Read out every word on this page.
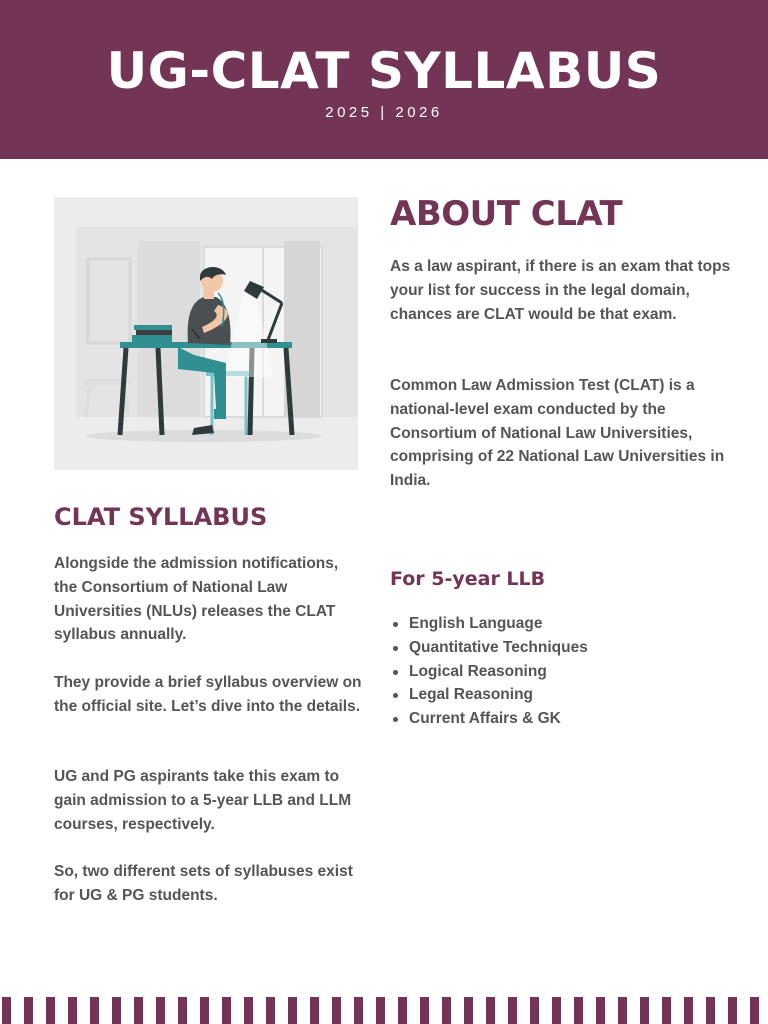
UG-CLAT SYLLABUS
2025 | 2026
ABOUT CLAT

As a law aspirant, if there is an exam that tops your list for success in the legal domain, chances are CLAT would be that exam.

Common Law Admission Test (CLAT) is a national-level exam conducted by the Consortium of National Law Universities, comprising of 22 National Law Universities in India.

CLAT SYLLABUS

Alongside the admission notifications, the Consortium of National Law Universities (NLUs) releases the CLAT syllabus annually.

They provide a brief syllabus overview on the official site. Let’s dive into the details.

UG and PG aspirants take this exam to gain admission to a 5-year LLB and LLM courses, respectively.

So, two different sets of syllabuses exist for UG & PG students.

For 5-year LLB
English Language
Quantitative Techniques
Logical Reasoning
Legal Reasoning
Current Affairs & GK
